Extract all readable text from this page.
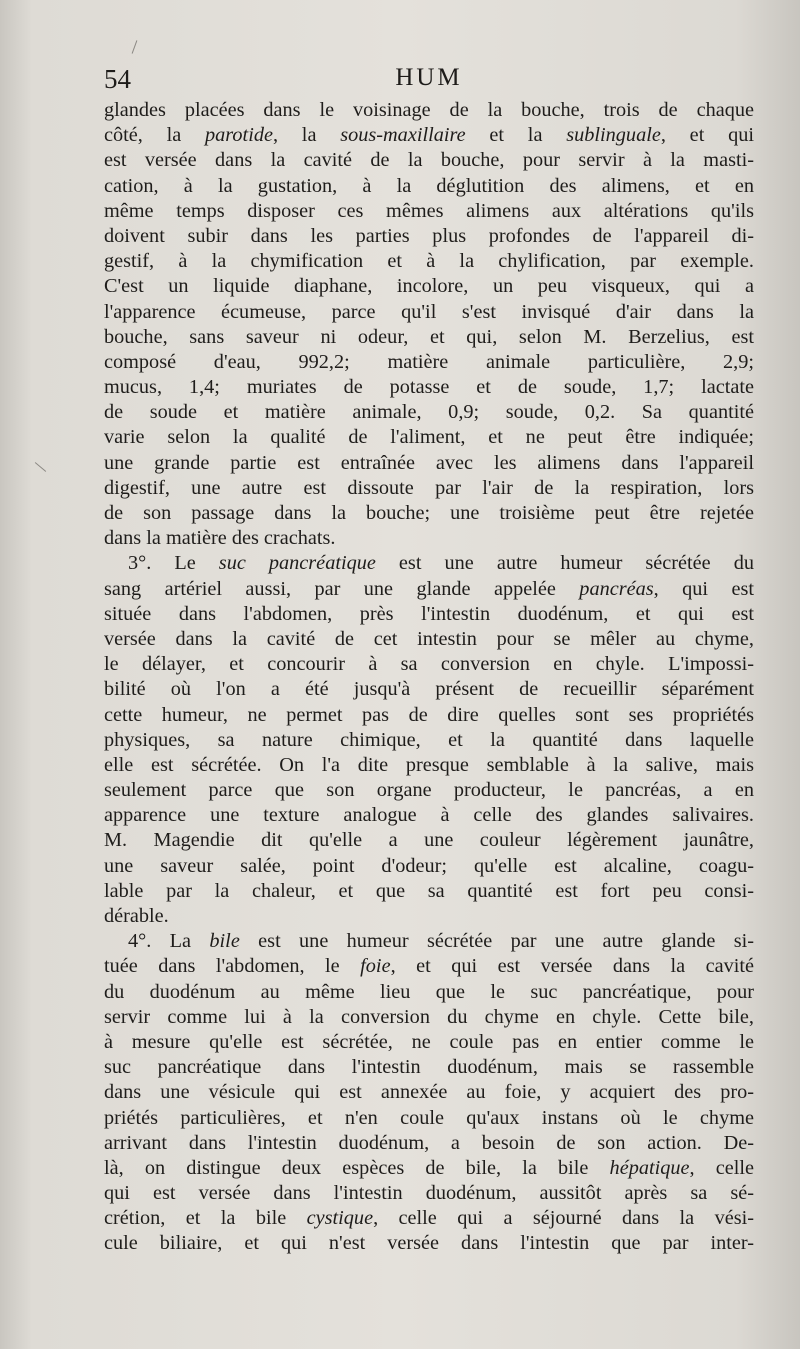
54	HUM
glandes placées dans le voisinage de la bouche, trois de chaque
côté, la parotide, la sous-maxillaire et la sublinguale, et qui
est versée dans la cavité de la bouche, pour servir à la masti-
cation, à la gustation, à la déglutition des alimens, et en
même temps disposer ces mêmes alimens aux altérations qu'ils
doivent subir dans les parties plus profondes de l'appareil di-
gestif, à la chymification et à la chylification, par exemple.
C'est un liquide diaphane, incolore, un peu visqueux, qui a
l'apparence écumeuse, parce qu'il s'est invisqué d'air dans la
bouche, sans saveur ni odeur, et qui, selon M. Berzelius, est
composé d'eau, 992,2; matière animale particulière, 2,9;
mucus, 1,4; muriates de potasse et de soude, 1,7; lactate
de soude et matière animale, 0,9; soude, 0,2. Sa quantité
varie selon la qualité de l'aliment, et ne peut être indiquée;
une grande partie est entraînée avec les alimens dans l'appareil
digestif, une autre est dissoute par l'air de la respiration, lors
de son passage dans la bouche; une troisième peut être rejetée
dans la matière des crachats.
3°. Le suc pancréatique est une autre humeur sécrétée du
sang artériel aussi, par une glande appelée pancréas, qui est
située dans l'abdomen, près l'intestin duodénum, et qui est
versée dans la cavité de cet intestin pour se mêler au chyme,
le délayer, et concourir à sa conversion en chyle. L'impossi-
bilité où l'on a été jusqu'à présent de recueillir séparément
cette humeur, ne permet pas de dire quelles sont ses propriétés
physiques, sa nature chimique, et la quantité dans laquelle
elle est sécrétée. On l'a dite presque semblable à la salive, mais
seulement parce que son organe producteur, le pancréas, a en
apparence une texture analogue à celle des glandes salivaires.
M. Magendie dit qu'elle a une couleur légèrement jaunâtre,
une saveur salée, point d'odeur; qu'elle est alcaline, coagu-
lable par la chaleur, et que sa quantité est fort peu consi-
dérable.
4°. La bile est une humeur sécrétée par une autre glande si-
tuée dans l'abdomen, le foie, et qui est versée dans la cavité
du duodénum au même lieu que le suc pancréatique, pour
servir comme lui à la conversion du chyme en chyle. Cette bile,
à mesure qu'elle est sécrétée, ne coule pas en entier comme le
suc pancréatique dans l'intestin duodénum, mais se rassemble
dans une vésicule qui est annexée au foie, y acquiert des pro-
priétés particulières, et n'en coule qu'aux instans où le chyme
arrivant dans l'intestin duodénum, a besoin de son action. De-
là, on distingue deux espèces de bile, la bile hépatique, celle
qui est versée dans l'intestin duodénum, aussitôt après sa sé-
crétion, et la bile cystique, celle qui a séjourné dans la vési-
cule biliaire, et qui n'est versée dans l'intestin que par inter-
